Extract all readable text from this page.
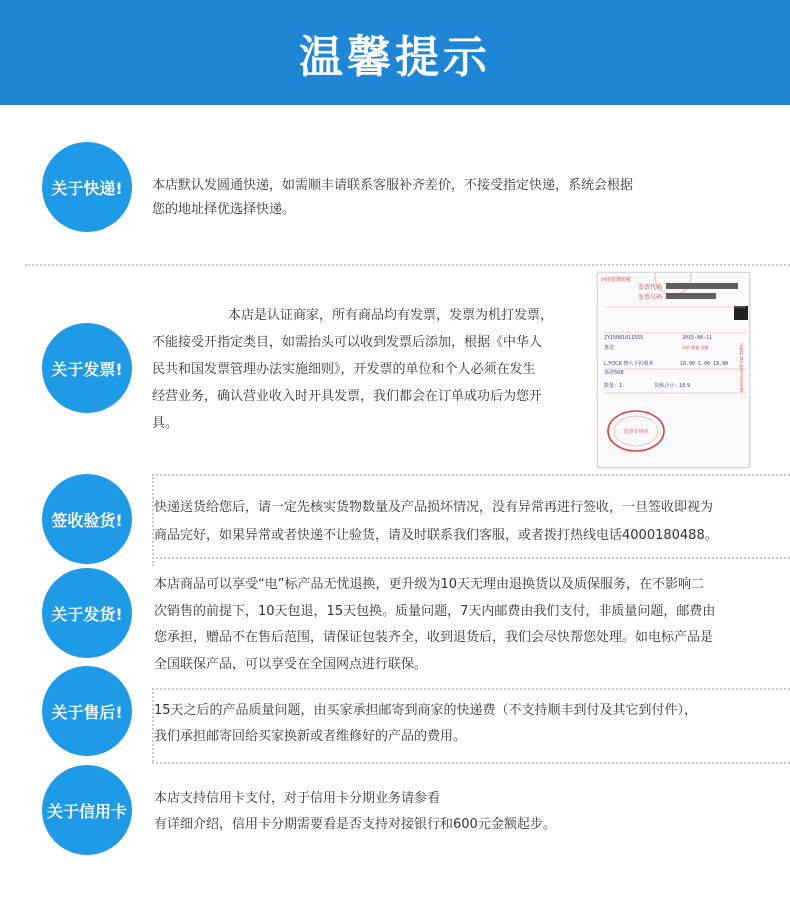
温馨提示
关于快递! 本店默认发圆通快递，如需顺丰请联系客服补齐差价，不接受指定快递，系统会根据
您的地址择优选择快递。
关于发票!
本店是认证商家，所有商品均有发票，发票为机打发票，
不能接受开指定类目，如需抬头可以收到发票后添加，根据《中华人
民共和国发票管理办法实施细则》，开发票的单位和个人必须在发生
经营业务，确认营业收入时开具发票，我们都会在订单成功后为您开
具。
河南省增值税
发票代码
发票号码
ZY15081011555	2015-08-11
惠觉	单价 数量 金额
L.FOCK 舞大手折叠傘	18.90 1.00 18.90
翡翠508
数量：1	货额合计：18.9	存根联 客户给付不另开发票
发票专用章
签收验货!
快递送货给您后，请一定先核实货物数量及产品损坏情况，没有异常再进行签收，一旦签收即视为
商品完好，如果异常或者快递不让验货，请及时联系我们客服，或者拨打热线电话4000180488。
关于发货!
本店商品可以享受“电”标产品无忧退换，更升级为10天无理由退换货以及质保服务，在不影响二
次销售的前提下，10天包退，15天包换。质量问题，7天内邮费由我们支付，非质量问题，邮费由
您承担，赠品不在售后范围，请保证包装齐全，收到退货后，我们会尽快帮您处理。如电标产品是
全国联保产品，可以享受在全国网点进行联保。
关于售后! 15天之后的产品质量问题，由买家承担邮寄到商家的快递费（不支持顺丰到付及其它到付件），
我们承担邮寄回给买家换新或者维修好的产品的费用。
关于信用卡
本店支持信用卡支付，对于信用卡分期业务请参看
有详细介绍，信用卡分期需要看是否支持对接银行和600元金额起步。
